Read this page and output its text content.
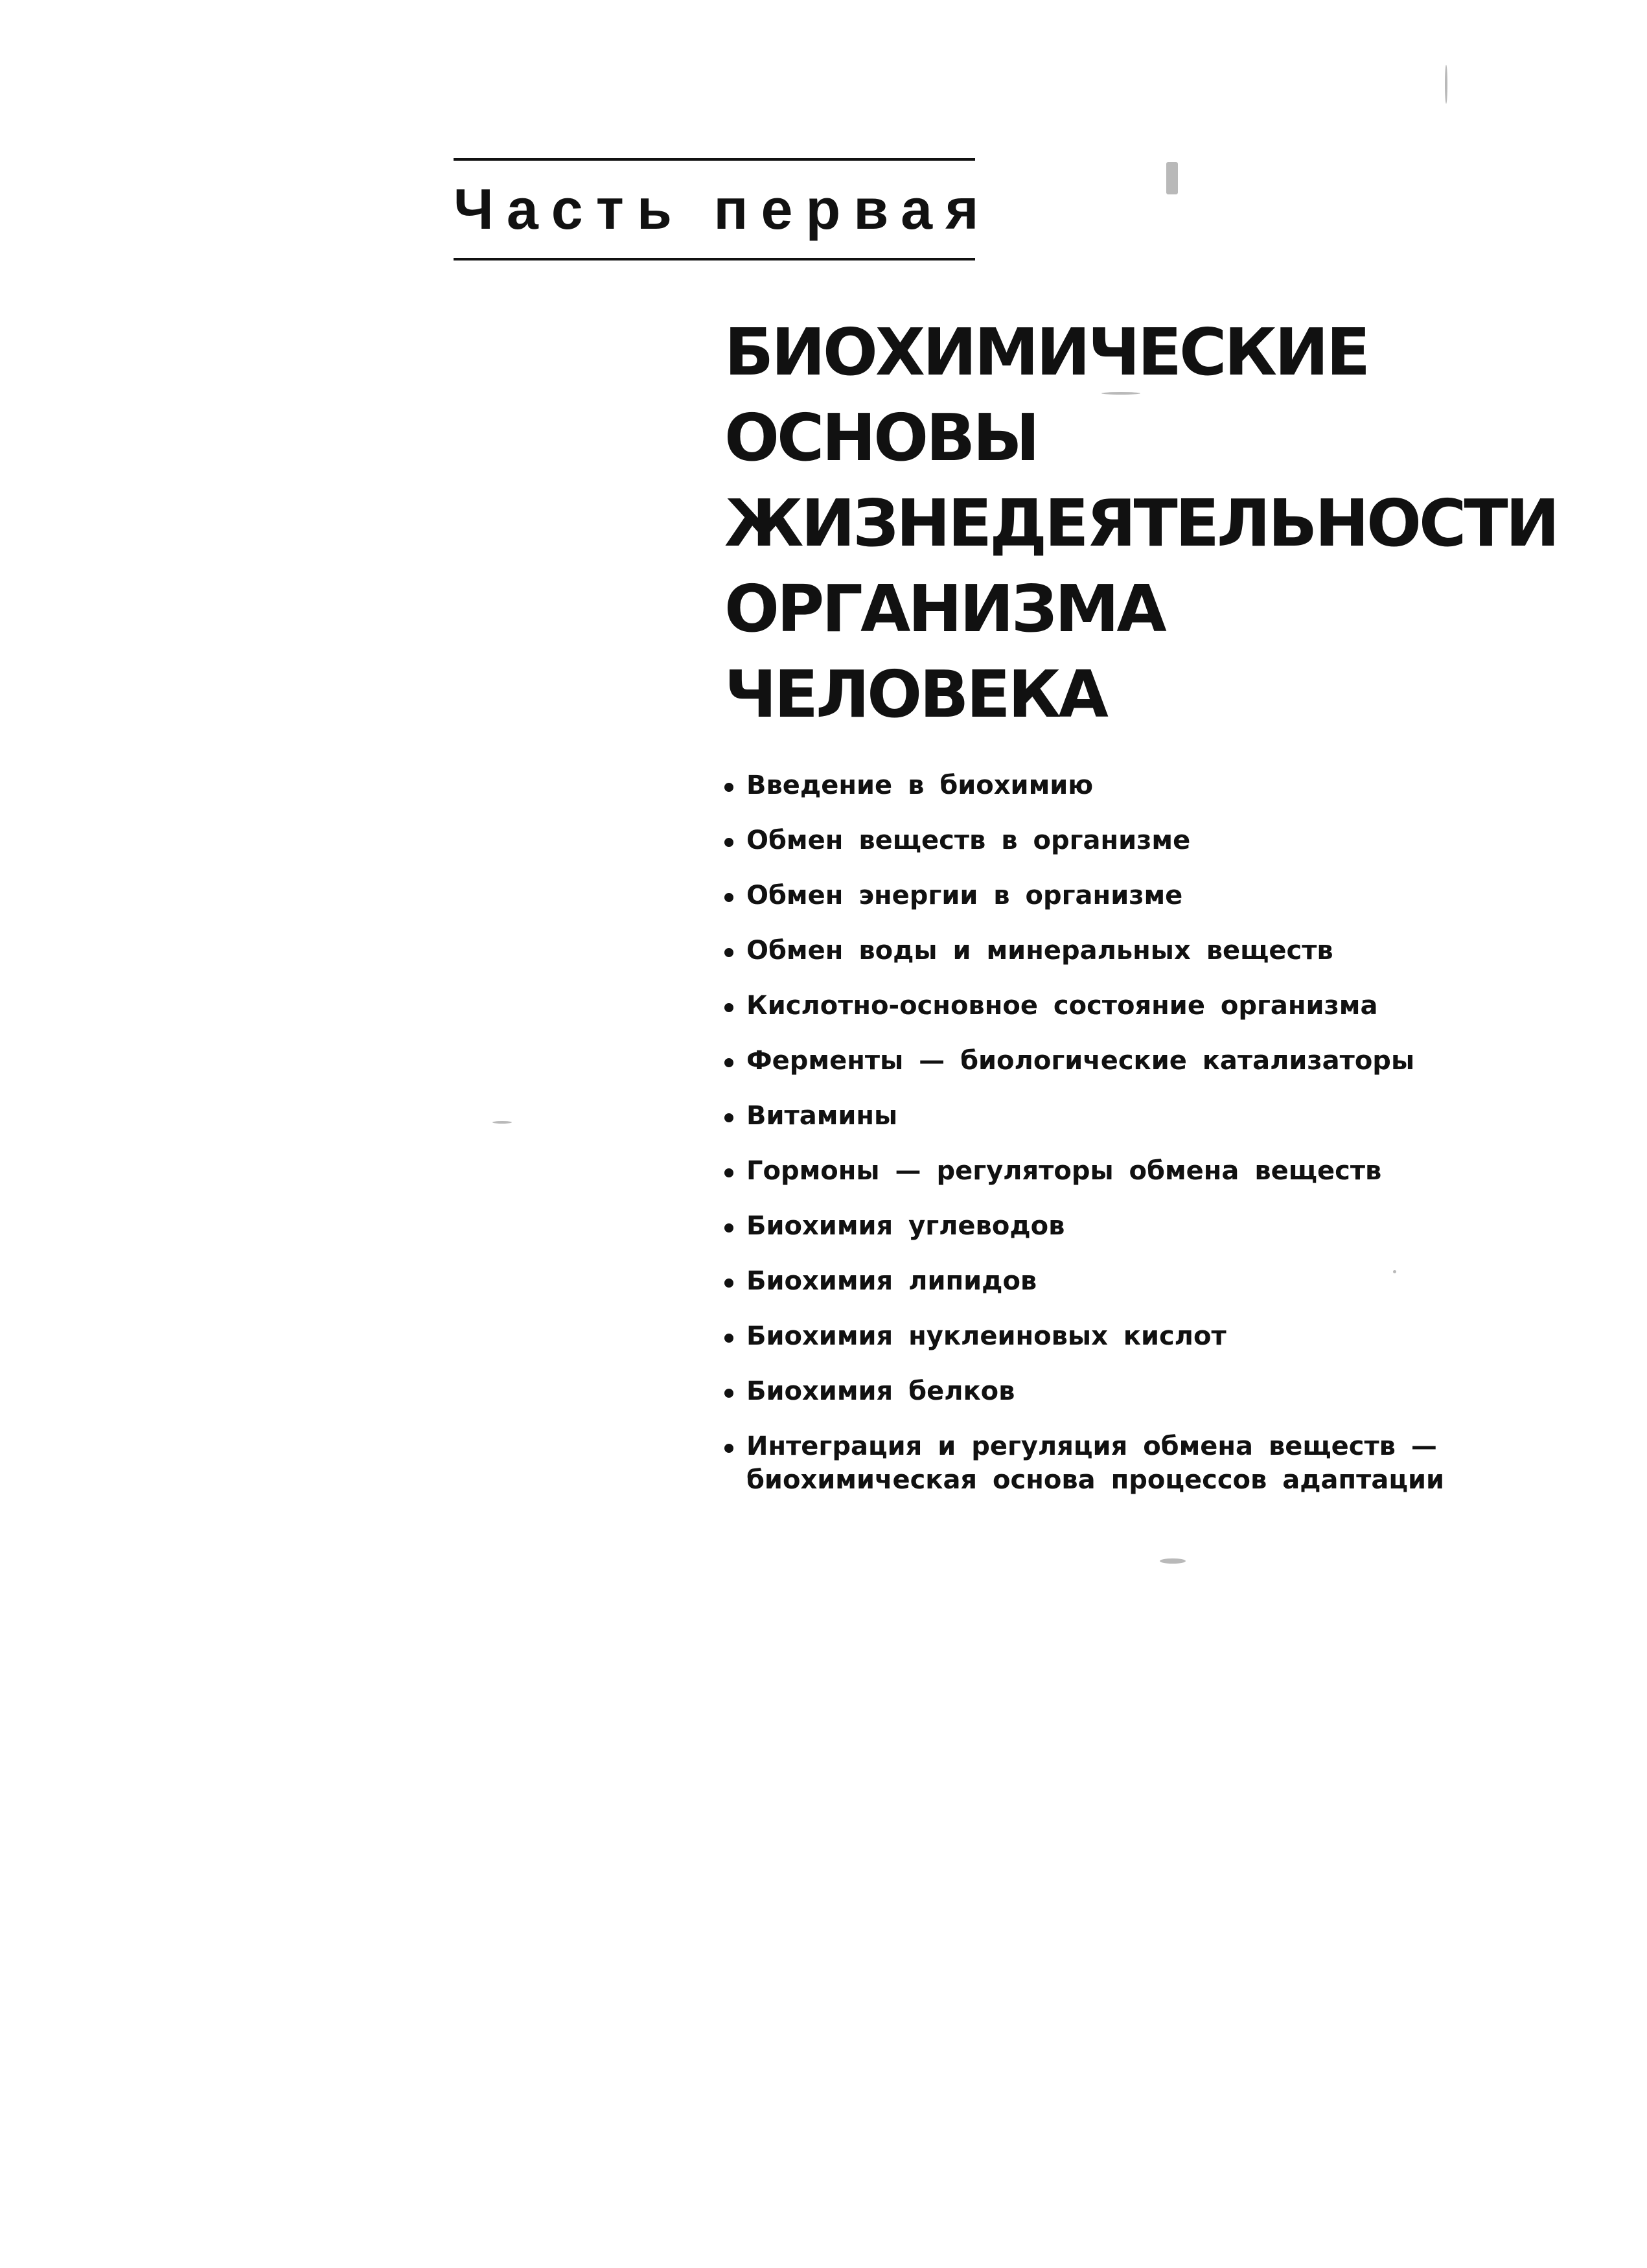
Часть первая
БИОХИМИЧЕСКИЕ
ОСНОВЫ
ЖИЗНЕДЕЯТЕЛЬНОСТИ
ОРГАНИЗМА
ЧЕЛОВЕКА
Введение в биохимию
Обмен веществ в организме
Обмен энергии в организме
Обмен воды и минеральных веществ
Кислотно-основное состояние организма
Ферменты — биологические катализаторы
Витамины
Гормоны — регуляторы обмена веществ
Биохимия углеводов
Биохимия липидов
Биохимия нуклеиновых кислот
Биохимия белков
Интеграция и регуляция обмена веществ —
биохимическая основа процессов адаптации
